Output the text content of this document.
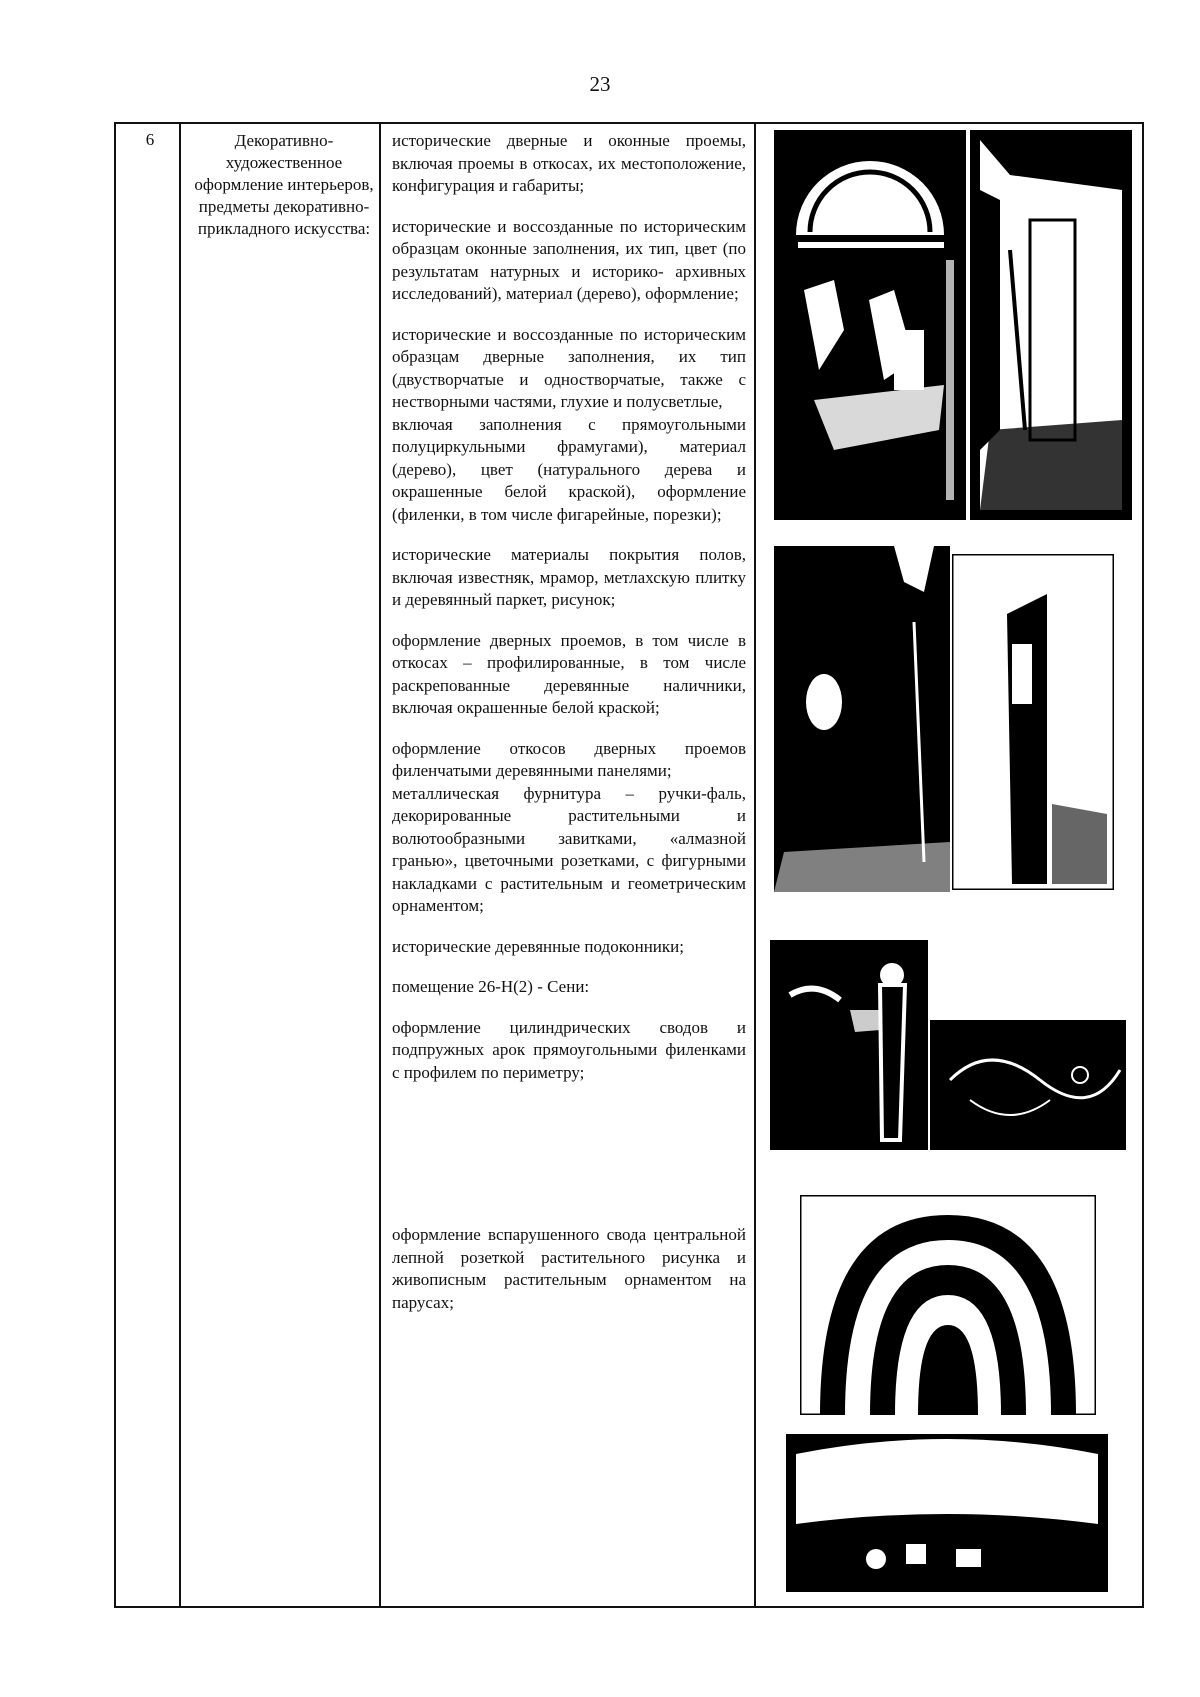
23
6	Декоративно-художественное оформление интерьеров, предметы декоративно-прикладного искусства:

исторические дверные и оконные проемы, включая проемы в откосах, их местоположение, конфигурация и габариты;

исторические и воссозданные по историческим образцам оконные заполнения, их тип, цвет (по результатам натурных и историко- архивных исследований), материал (дерево), оформление;

исторические и воссозданные по историческим образцам дверные заполнения, их тип (двустворчатые и одностворчатые, также с нестворными частями, глухие и полусветлые,

включая заполнения с прямоугольными полуциркульными фрамугами), материал (дерево), цвет (натурального дерева и окрашенные белой краской), оформление (филенки, в том числе фигарейные, порезки);

исторические материалы покрытия полов, включая известняк, мрамор, метлахскую плитку и деревянный паркет, рисунок;

оформление дверных проемов, в том числе в откосах – профилированные, в том числе раскрепованные деревянные наличники, включая окрашенные белой краской;

оформление откосов дверных проемов филенчатыми деревянными панелями;

металлическая фурнитура – ручки-фаль, декорированные растительными и волютообразными завитками, «алмазной гранью», цветочными розетками, с фигурными накладками с растительным и геометрическим орнаментом;

исторические деревянные подоконники;

помещение 26-Н(2) - Сени:

оформление цилиндрических сводов и подпружных арок прямоугольными филенками с профилем по периметру;

оформление вспарушенного свода центральной лепной розеткой растительного рисунка и живописным растительным орнаментом на парусах;
